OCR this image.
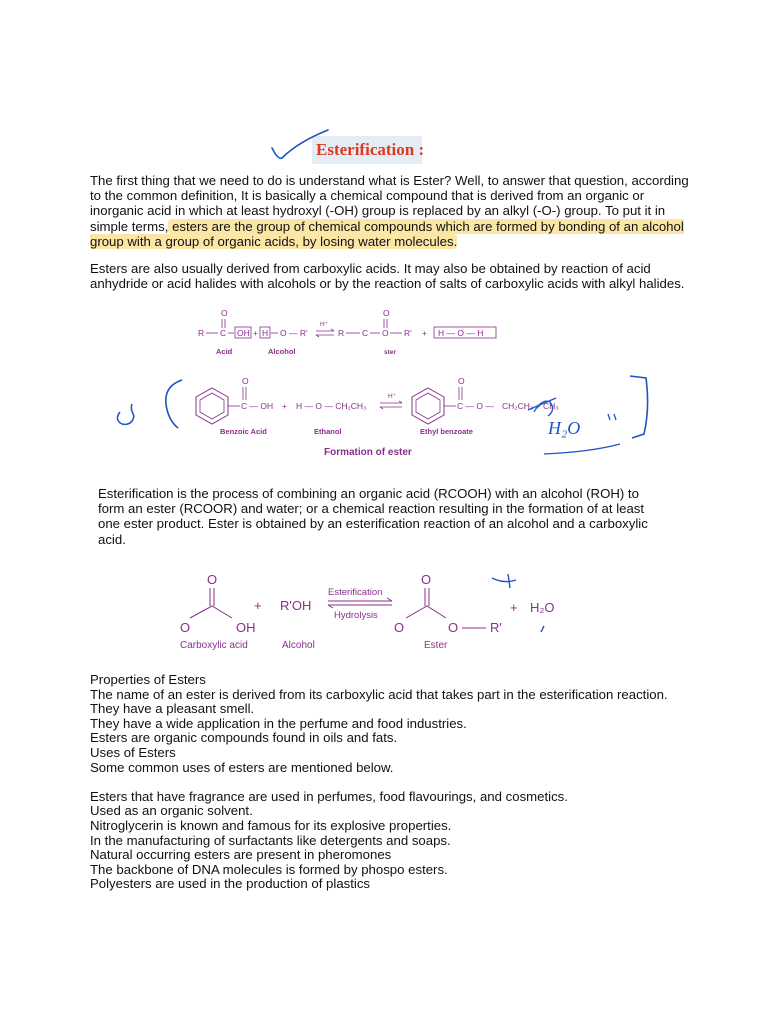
Esterification :
The first thing that we need to do is understand what is Ester? Well, to answer that question, according to the common definition, It is basically a chemical compound that is derived from an organic or inorganic acid in which at least hydroxyl (-OH) group is replaced by an alkyl (-O-) group. To put it in simple terms, esters are the group of chemical compounds which are formed by bonding of an alcohol group with a group of organic acids, by losing water molecules.
Esters are also usually derived from carboxylic acids. It may also be obtained by reaction of acid anhydride or acid halides with alcohols or by the reaction of salts of carboxylic acids with alkyl halides.
O
R C OH + H O — R'
H⁺
R C
O
O R' + H — O — H
Acid	Alcohol	ster
O
C — OH + H — O — CH₂CH₃
H⁺
O
C — O — CH₂CH₃ + CH₃
Benzoic Acid	Ethanol	Ethyl benzoate
Formation of ester
H₂O
Esterification is the process of combining an organic acid (RCOOH) with an alcohol (ROH) to form an ester (RCOOR) and water; or a chemical reaction resulting in the formation of at least one ester product. Ester is obtained by an esterification reaction of an alcohol and a carboxylic acid.
O
O	OH
+ R'OH
Esterification
Hydrolysis
O
O	O R'
+ H₂O
Carboxylic acid	Alcohol	Ester
Properties of Esters
The name of an ester is derived from its carboxylic acid that takes part in the esterification reaction.
They have a pleasant smell.
They have a wide application in the perfume and food industries.
Esters are organic compounds found in oils and fats.
Uses of Esters
Some common uses of esters are mentioned below.
Esters that have fragrance are used in perfumes, food flavourings, and cosmetics.
Used as an organic solvent.
Nitroglycerin is known and famous for its explosive properties.
In the manufacturing of surfactants like detergents and soaps.
Natural occurring esters are present in pheromones
The backbone of DNA molecules is formed by phospo esters.
Polyesters are used in the production of plastics
